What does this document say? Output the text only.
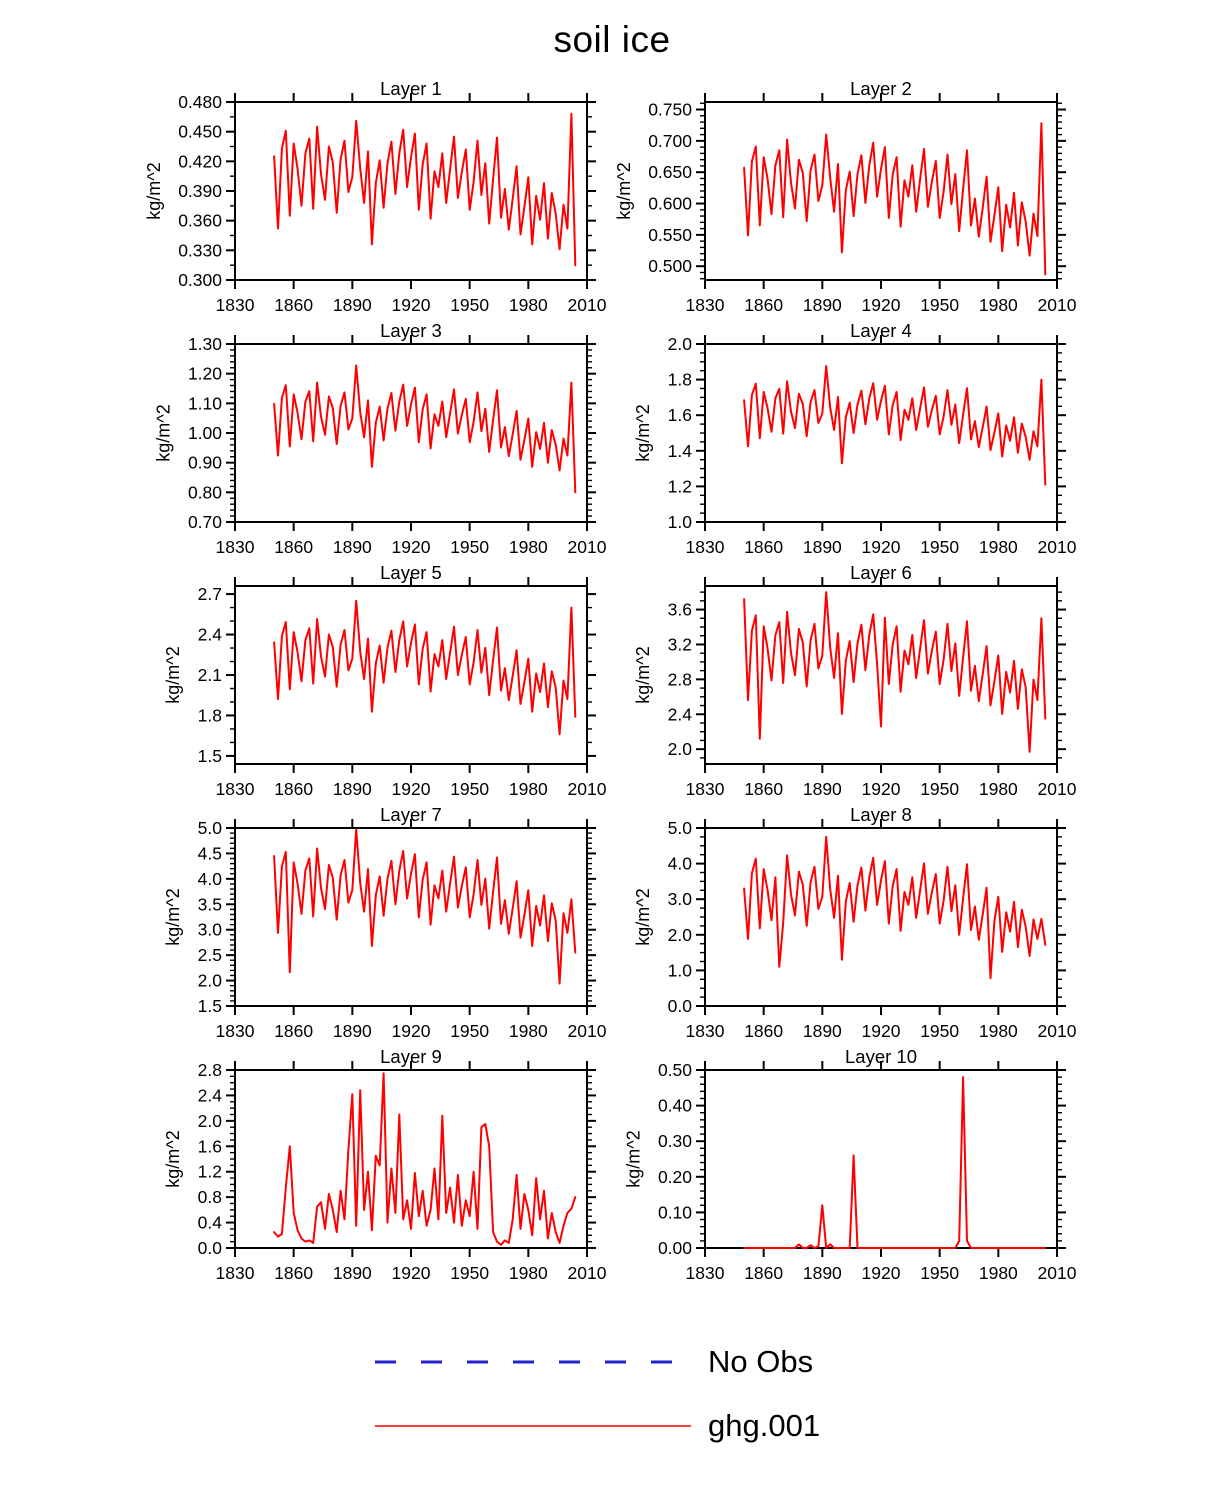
soil ice
Layer 1
0.300
0.330
0.360
0.390
0.420
0.450
0.480
kg/m^2
1830 1860 1890 1920 1950 1980 2010
Layer 2
0.500
0.550
0.600
0.650
0.700
0.750
kg/m^2
1830 1860 1890 1920 1950 1980 2010
Layer 3
0.70
0.80
0.90
1.00
1.10
1.20
1.30
kg/m^2
1830 1860 1890 1920 1950 1980 2010
Layer 4
1.0
1.2
1.4
1.6
1.8
2.0
kg/m^2
1830 1860 1890 1920 1950 1980 2010
Layer 5
1.5
1.8
2.1
2.4
2.7
kg/m^2
1830 1860 1890 1920 1950 1980 2010
Layer 6
2.0
2.4
2.8
3.2
3.6
kg/m^2
1830 1860 1890 1920 1950 1980 2010
Layer 7
1.5
2.0
2.5
3.0
3.5
4.0
4.5
5.0
kg/m^2
1830 1860 1890 1920 1950 1980 2010
Layer 8
0.0
1.0
2.0
3.0
4.0
5.0
kg/m^2
1830 1860 1890 1920 1950 1980 2010
Layer 9
0.0
0.4
0.8
1.2
1.6
2.0
2.4
2.8
kg/m^2
1830 1860 1890 1920 1950 1980 2010
Layer 10
0.00
0.10
0.20
0.30
0.40
0.50
kg/m^2
1830 1860 1890 1920 1950 1980 2010
No Obs
ghg.001
